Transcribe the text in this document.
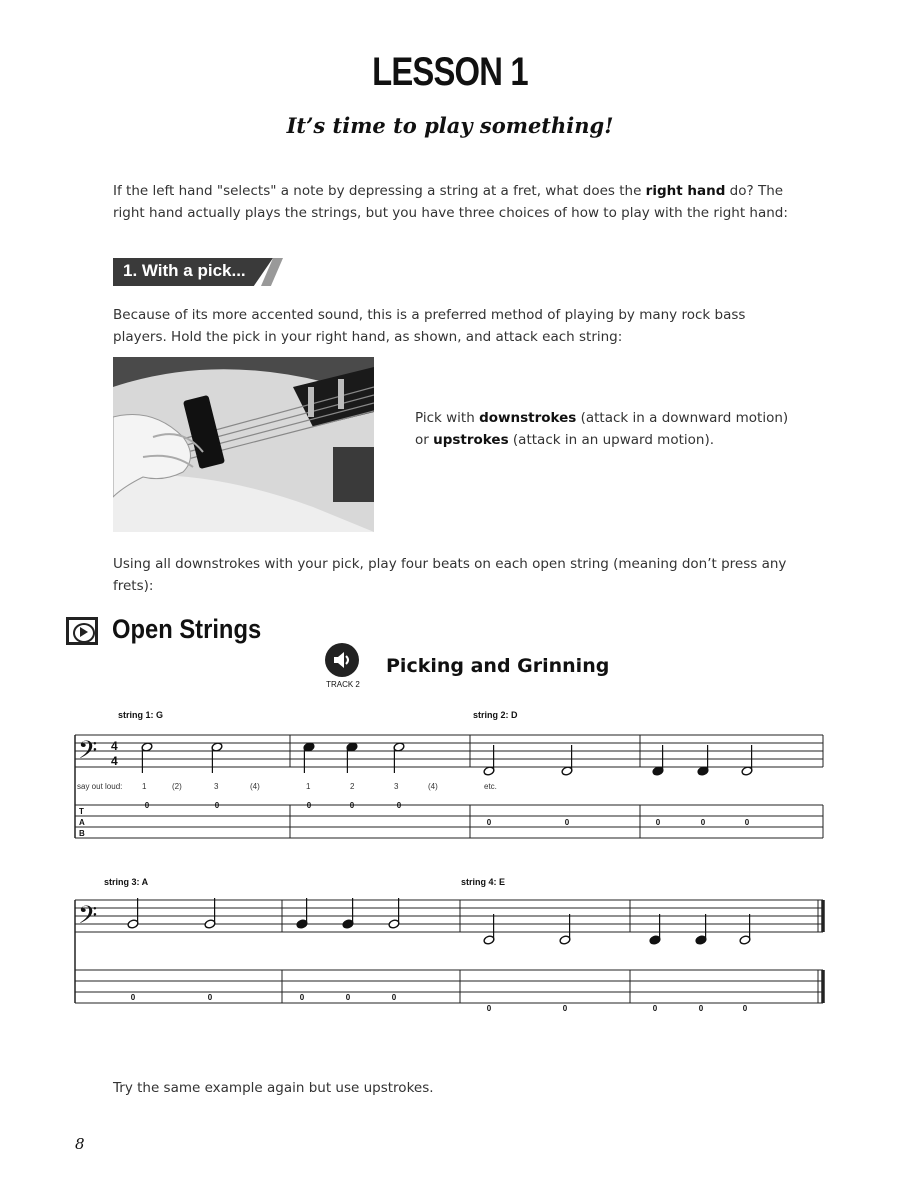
LESSON 1
It’s time to play something!
If the left hand "selects" a note by depressing a string at a fret, what does the right hand do? The right hand actually plays the strings, but you have three choices of how to play with the right hand:
1. With a pick...
Because of its more accented sound, this is a preferred method of playing by many rock bass players. Hold the pick in your right hand, as shown, and attack each string:
Pick with downstrokes (attack in a downward motion) or upstrokes (attack in an upward motion).
Using all downstrokes with your pick, play four beats on each open string (meaning don’t press any frets):
Open Strings
TRACK 2
Picking and Grinning
𝄢
𝄢
4
4
T
A
B
string 1: G	string 2: D
string 3: A	string 4: E
say out loud: 1	(2)	3	(4)	1	2	3	(4)	etc.
0	0	0	0	0
0	0	0	0	0
0	0	0	0	0
0	0	0	0	0
Try the same example again but use upstrokes.
8
